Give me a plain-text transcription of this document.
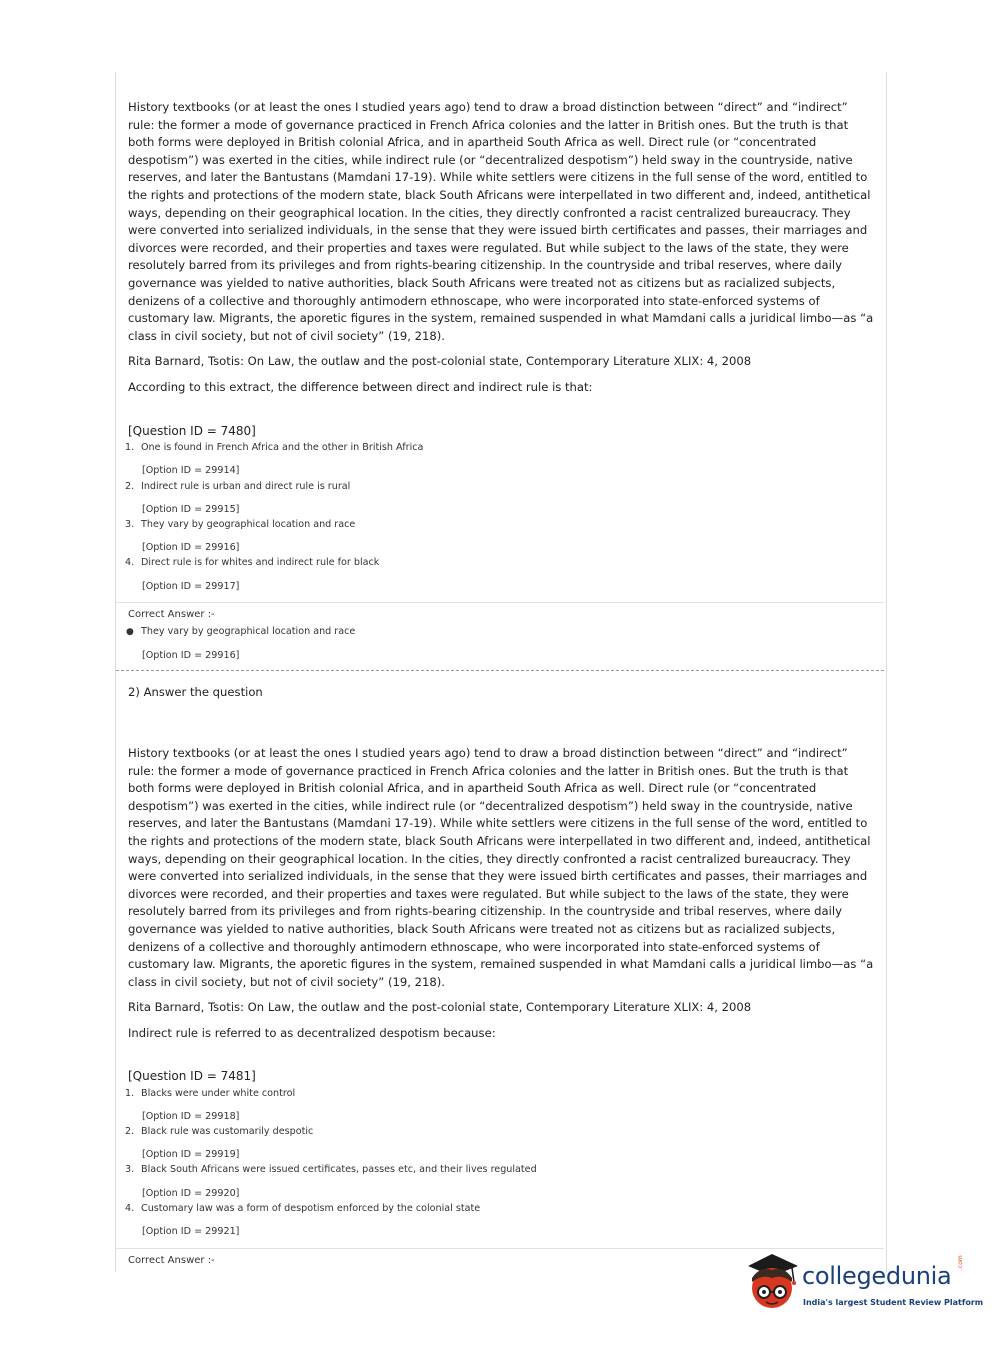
History textbooks (or at least the ones I studied years ago) tend to draw a broad distinction between “direct” and “indirect” rule: the former a mode of governance practiced in French Africa colonies and the latter in British ones. But the truth is that both forms were deployed in British colonial Africa, and in apartheid South Africa as well. Direct rule (or “concentrated despotism”) was exerted in the cities, while indirect rule (or “decentralized despotism”) held sway in the countryside, native reserves, and later the Bantustans (Mamdani 17-19). While white settlers were citizens in the full sense of the word, entitled to the rights and protections of the modern state, black South Africans were interpellated in two different and, indeed, antithetical ways, depending on their geographical location. In the cities, they directly confronted a racist centralized bureaucracy. They were converted into serialized individuals, in the sense that they were issued birth certificates and passes, their marriages and divorces were recorded, and their properties and taxes were regulated. But while subject to the laws of the state, they were resolutely barred from its privileges and from rights-bearing citizenship. In the countryside and tribal reserves, where daily governance was yielded to native authorities, black South Africans were treated not as citizens but as racialized subjects, denizens of a collective and thoroughly antimodern ethnoscape, who were incorporated into state-enforced systems of customary law. Migrants, the aporetic figures in the system, remained suspended in what Mamdani calls a juridical limbo—as “a class in civil society, but not of civil society” (19, 218).
Rita Barnard, Tsotis: On Law, the outlaw and the post-colonial state, Contemporary Literature XLIX: 4, 2008
According to this extract, the difference between direct and indirect rule is that:
[Question ID = 7480]
1. One is found in French Africa and the other in British Africa
[Option ID = 29914]
2. Indirect rule is urban and direct rule is rural
[Option ID = 29915]
3. They vary by geographical location and race
[Option ID = 29916]
4. Direct rule is for whites and indirect rule for black
[Option ID = 29917]
Correct Answer :-
● They vary by geographical location and race
[Option ID = 29916]
2) Answer the question
History textbooks (or at least the ones I studied years ago) tend to draw a broad distinction between “direct” and “indirect” rule: the former a mode of governance practiced in French Africa colonies and the latter in British ones. But the truth is that both forms were deployed in British colonial Africa, and in apartheid South Africa as well. Direct rule (or “concentrated despotism”) was exerted in the cities, while indirect rule (or “decentralized despotism”) held sway in the countryside, native reserves, and later the Bantustans (Mamdani 17-19). While white settlers were citizens in the full sense of the word, entitled to the rights and protections of the modern state, black South Africans were interpellated in two different and, indeed, antithetical ways, depending on their geographical location. In the cities, they directly confronted a racist centralized bureaucracy. They were converted into serialized individuals, in the sense that they were issued birth certificates and passes, their marriages and divorces were recorded, and their properties and taxes were regulated. But while subject to the laws of the state, they were resolutely barred from its privileges and from rights-bearing citizenship. In the countryside and tribal reserves, where daily governance was yielded to native authorities, black South Africans were treated not as citizens but as racialized subjects, denizens of a collective and thoroughly antimodern ethnoscape, who were incorporated into state-enforced systems of customary law. Migrants, the aporetic figures in the system, remained suspended in what Mamdani calls a juridical limbo—as “a class in civil society, but not of civil society” (19, 218).
Rita Barnard, Tsotis: On Law, the outlaw and the post-colonial state, Contemporary Literature XLIX: 4, 2008
Indirect rule is referred to as decentralized despotism because:
[Question ID = 7481]
1. Blacks were under white control
[Option ID = 29918]
2. Black rule was customarily despotic
[Option ID = 29919]
3. Black South Africans were issued certificates, passes etc, and their lives regulated
[Option ID = 29920]
4. Customary law was a form of despotism enforced by the colonial state
[Option ID = 29921]
Correct Answer :-
collegedunia .com
India's largest Student Review Platform
